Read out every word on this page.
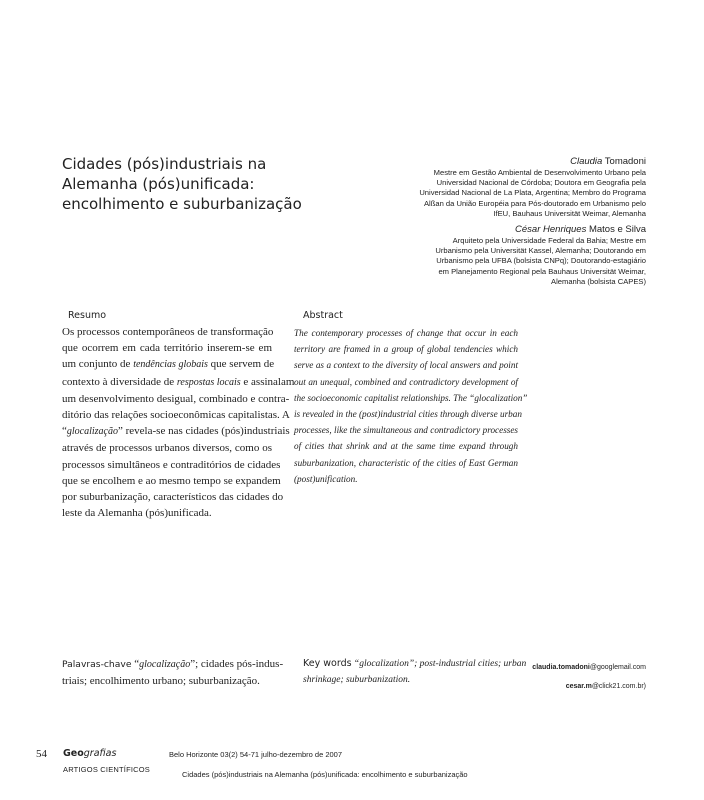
Cidades (pós)industriais na
Alemanha (pós)unificada:
encolhimento e suburbanização
Claudia Tomadoni
Mestre em Gestão Ambiental de Desenvolvimento Urbano pela
Universidad Nacional de Córdoba; Doutora em Geografia pela
Universidad Nacional de La Plata, Argentina; Membro do Programa
Alßan da União Européia para Pós-doutorado em Urbanismo pelo
IfEU, Bauhaus Universität Weimar, Alemanha
César Henriques Matos e Silva
Arquiteto pela Universidade Federal da Bahia; Mestre em
Urbanismo pela Universität Kassel, Alemanha; Doutorando em
Urbanismo pela UFBA (bolsista CNPq); Doutorando-estagiário
em Planejamento Regional pela Bauhaus Universität Weimar,
Alemanha (bolsista CAPES)
Resumo
Os processos contemporâneos de transformação
que ocorrem em cada território inserem-se em
um conjunto de tendências globais que servem de
contexto à diversidade de respostas locais e assinalam
um desenvolvimento desigual, combinado e contra-
ditório das relações socioeconômicas capitalistas. A
“glocalização” revela-se nas cidades (pós)industriais
através de processos urbanos diversos, como os
processos simultâneos e contraditórios de cidades
que se encolhem e ao mesmo tempo se expandem
por suburbanização, característicos das cidades do
leste da Alemanha (pós)unificada.
Abstract
The contemporary processes of change that occur in each
territory are framed in a group of global tendencies which
serve as a context to the diversity of local answers and point
out an unequal, combined and contradictory development of
the socioeconomic capitalist relationships. The “glocalization”
is revealed in the (post)industrial cities through diverse urban
processes, like the simultaneous and contradictory processes
of cities that shrink and at the same time expand through
suburbanization, characteristic of the cities of East German
(post)unification.
Palavras-chave “glocalização”; cidades pós-indus-
triais; encolhimento urbano; suburbanização.
Key words “glocalization”; post-industrial cities; urban
shrinkage; suburbanization.
claudia.tomadoni@googlemail.com
cesar.m@click21.com.br)
54 Geografias
ARTIGOS CIENTÍFICOS
Belo Horizonte 03(2) 54-71 julho-dezembro de 2007
Cidades (pós)industriais na Alemanha (pós)unificada: encolhimento e suburbanização
